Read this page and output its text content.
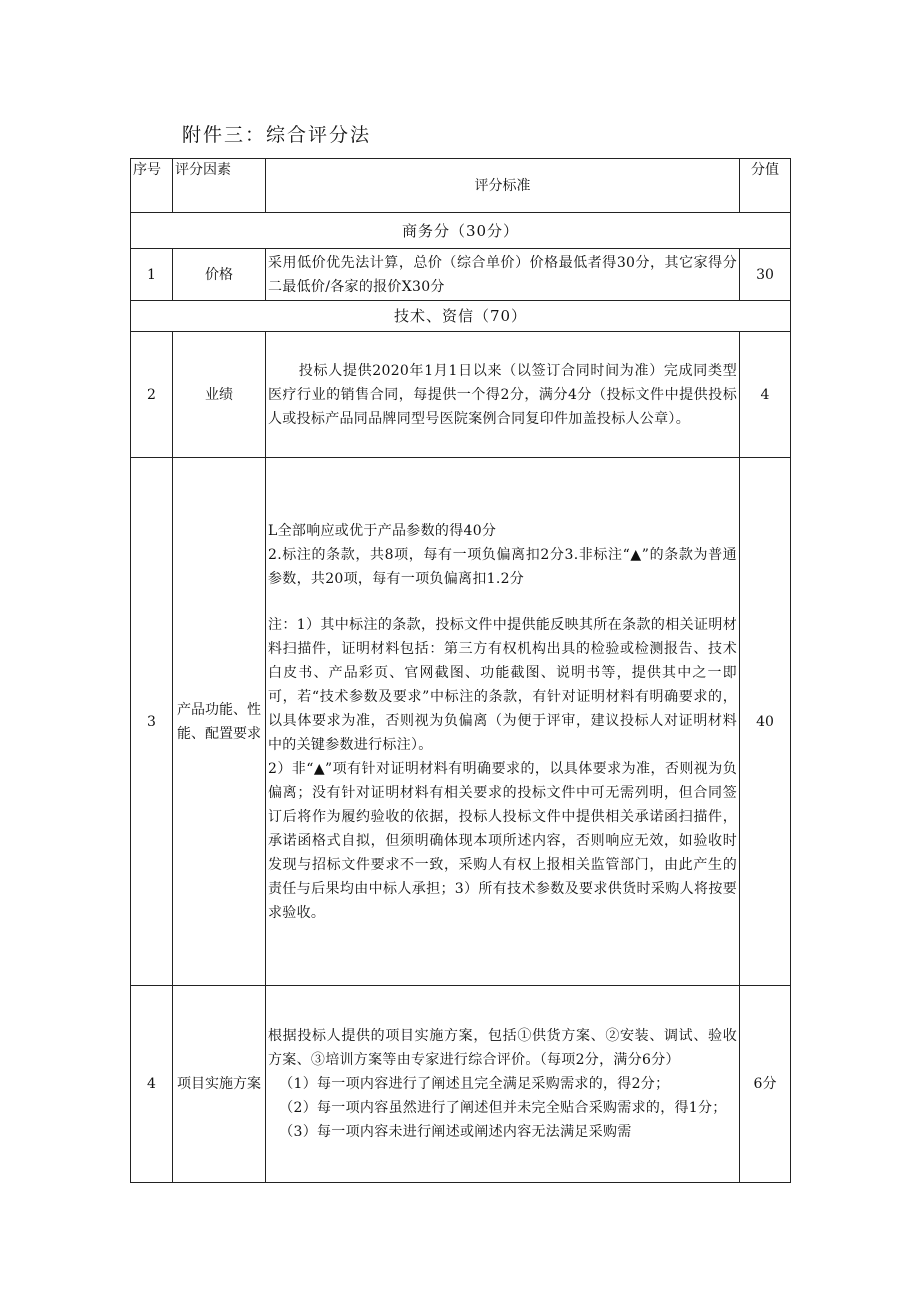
附件三：综合评分法
序号	评分因素	评分标准	分值
商务分（30分）			
1	价格	采用低价优先法计算，总价（综合单价）价格最低者得30分，其它家得分二最低价/各家的报价X30分	30
技术、资信（70）			
2	业绩	投标人提供2020年1月1日以来（以签订合同时间为准）完成同类型医疗行业的销售合同，每提供一个得2分，满分4分（投标文件中提供投标人或投标产品同品牌同型号医院案例合同复印件加盖投标人公章）。	4
3	产品功能、性能、配置要求	L全部响应或优于产品参数的得40分

2.标注的条款，共8项，每有一项负偏离扣2分3.非标注“▲”的条款为普通参数，共20项，每有一项负偏离扣1.2分

注：1）其中标注的条款，投标文件中提供能反映其所在条款的相关证明材料扫描件，证明材料包括：第三方有权机构出具的检验或检测报告、技术白皮书、产品彩页、官网截图、功能截图、说明书等，提供其中之一即可，若“技术参数及要求”中标注的条款，有针对证明材料有明确要求的，以具体要求为准，否则视为负偏离（为便于评审，建议投标人对证明材料中的关键参数进行标注）。

2）非“▲”项有针对证明材料有明确要求的，以具体要求为准，否则视为负偏离；没有针对证明材料有相关要求的投标文件中可无需列明，但合同签订后将作为履约验收的依据，投标人投标文件中提供相关承诺函扫描件，承诺函格式自拟，但须明确体现本项所述内容，否则响应无效，如验收时发现与招标文件要求不一致，采购人有权上报相关监管部门，由此产生的责任与后果均由中标人承担；3）所有技术参数及要求供货时采购人将按要求验收。	40
4	项目实施方案	根据投标人提供的项目实施方案，包括①供货方案、②安装、调试、验收方案、③培训方案等由专家进行综合评价。（每项2分，满分6分）

（1）每一项内容进行了阐述且完全满足采购需求的，得2分；

（2）每一项内容虽然进行了阐述但并未完全贴合采购需求的，得1分；

（3）每一项内容未进行阐述或阐述内容无法满足采购需	6分
